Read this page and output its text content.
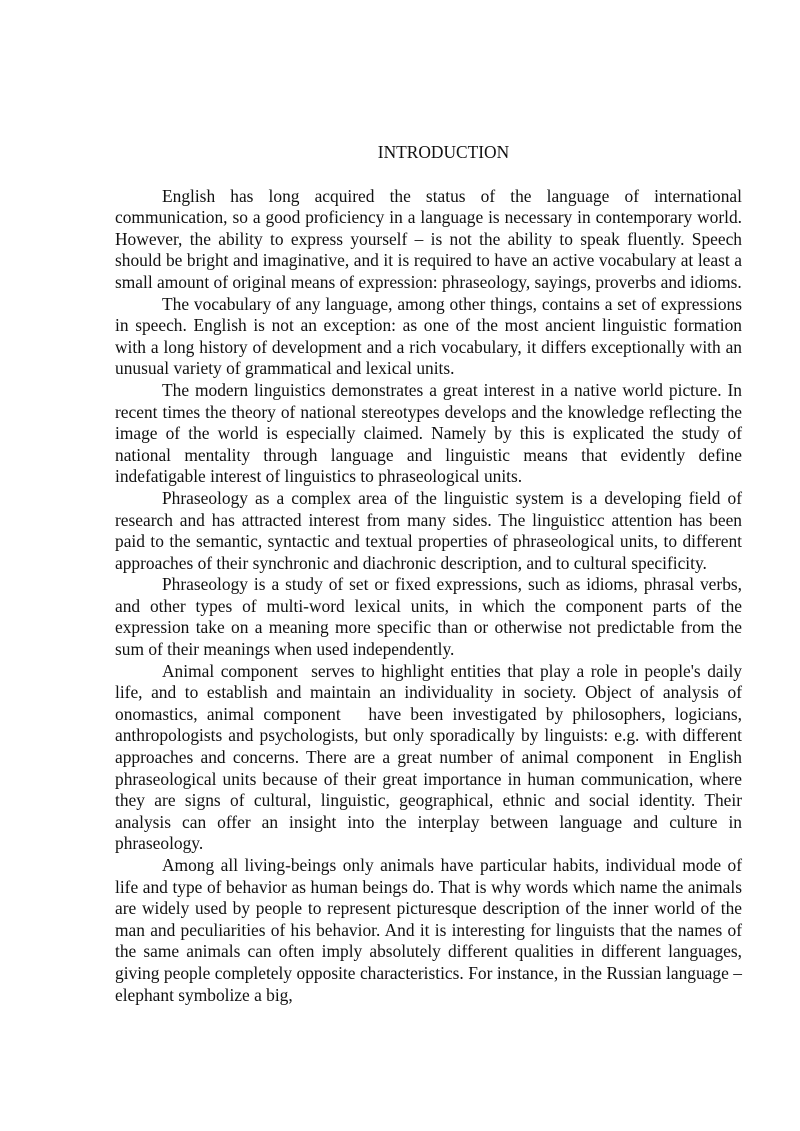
INTRODUCTION

English has long acquired the status of the language of international communication, so a good proficiency in a language is necessary in contemporary world. However, the ability to express yourself – is not the ability to speak fluently. Speech should be bright and imaginative, and it is required to have an active vocabulary at least a small amount of original means of expression: phraseology, sayings, proverbs and idioms.

The vocabulary of any language, among other things, contains a set of expressions in speech. English is not an exception: as one of the most ancient linguistic formation with a long history of development and a rich vocabulary, it differs exceptionally with an unusual variety of grammatical and lexical units.

The modern linguistics demonstrates a great interest in a native world picture. In recent times the theory of national stereotypes develops and the knowledge reflecting the image of the world is especially claimed. Namely by this is explicated the study of national mentality through language and linguistic means that evidently define indefatigable interest of linguistics to phraseological units.

Phraseology as a complex area of the linguistic system is a developing field of research and has attracted interest from many sides. The linguisticc attention has been paid to the semantic, syntactic and textual properties of phraseological units, to different approaches of their synchronic and diachronic description, and to cultural specificity.

Phraseology is a study of set or fixed expressions, such as idioms, phrasal verbs, and other types of multi-word lexical units, in which the component parts of the expression take on a meaning more specific than or otherwise not predictable from the sum of their meanings when used independently.

Animal component  serves to highlight entities that play a role in people's daily life, and to establish and maintain an individuality in society. Object of analysis of onomastics, animal component   have been investigated by philosophers, logicians, anthropologists and psychologists, but only sporadically by linguists: e.g. with different approaches and concerns. There are a great number of animal component  in English phraseological units because of their great importance in human communication, where they are signs of cultural, linguistic, geographical, ethnic and social identity. Their analysis can offer an insight into the interplay between language and culture in phraseology.

Among all living-beings only animals have particular habits, individual mode of life and type of behavior as human beings do. That is why words which name the animals are widely used by people to represent picturesque description of the inner world of the man and peculiarities of his behavior. And it is interesting for linguists that the names of the same animals can often imply absolutely different qualities in different languages, giving people completely opposite characteristics. For instance, in the Russian language – elephant symbolize a big,
